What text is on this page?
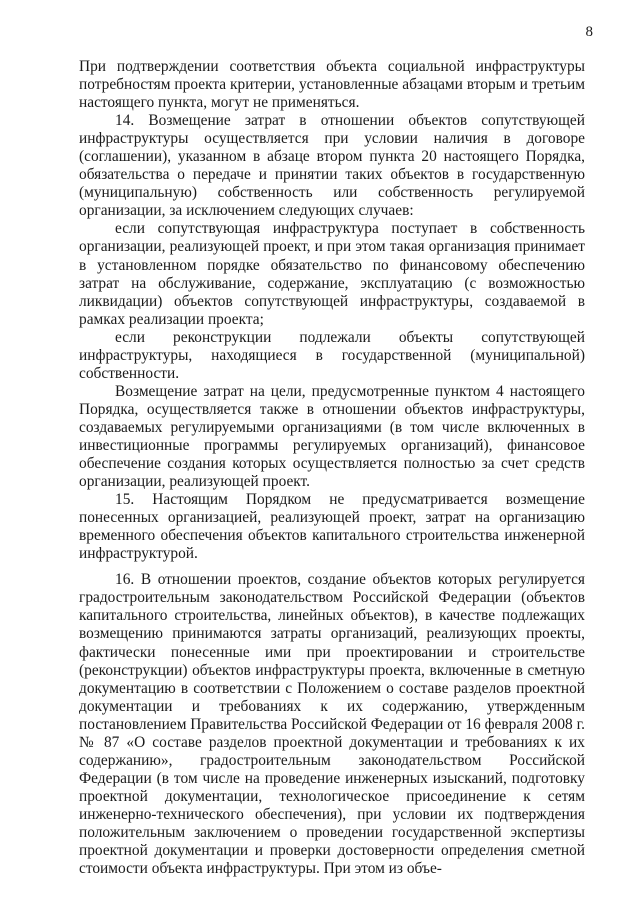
8

При подтверждении соответствия объекта социальной инфраструктуры потребностям проекта критерии, установленные абзацами вторым и третьим настоящего пункта, могут не применяться.

14. Возмещение затрат в отношении объектов сопутствующей инфраструктуры осуществляется при условии наличия в договоре (соглашении), указанном в абзаце втором пункта 20 настоящего Порядка, обязательства о передаче и принятии таких объектов в государственную (муниципальную) собственность или собственность регулируемой организации, за исключением следующих случаев:

если сопутствующая инфраструктура поступает в собственность организации, реализующей проект, и при этом такая организация принимает в установленном порядке обязательство по финансовому обеспечению затрат на обслуживание, содержание, эксплуатацию (с возможностью ликвидации) объектов сопутствующей инфраструктуры, создаваемой в рамках реализации проекта;

если реконструкции подлежали объекты сопутствующей инфраструктуры, находящиеся в государственной (муниципальной) собственности.

Возмещение затрат на цели, предусмотренные пунктом 4 настоящего Порядка, осуществляется также в отношении объектов инфраструктуры, создаваемых регулируемыми организациями (в том числе включенных в инвестиционные программы регулируемых организаций), финансовое обеспечение создания которых осуществляется полностью за счет средств организации, реализующей проект.

15. Настоящим Порядком не предусматривается возмещение понесенных организацией, реализующей проект, затрат на организацию временного обеспечения объектов капитального строительства инженерной инфраструктурой.

16. В отношении проектов, создание объектов которых регулируется градостроительным законодательством Российской Федерации (объектов капитального строительства, линейных объектов), в качестве подлежащих возмещению принимаются затраты организаций, реализующих проекты, фактически понесенные ими при проектировании и строительстве (реконструкции) объектов инфраструктуры проекта, включенные в сметную документацию в соответствии с Положением о составе разделов проектной документации и требованиях к их содержанию, утвержденным постановлением Правительства Российской Федерации от 16 февраля 2008 г. № 87 «О составе разделов проектной документации и требованиях к их содержанию», градостроительным законодательством Российской Федерации (в том числе на проведение инженерных изысканий, подготовку проектной документации, технологическое присоединение к сетям инженерно-технического обеспечения), при условии их подтверждения положительным заключением о проведении государственной экспертизы проектной документации и проверки достоверности определения сметной стоимости объекта инфраструктуры. При этом из объе-
